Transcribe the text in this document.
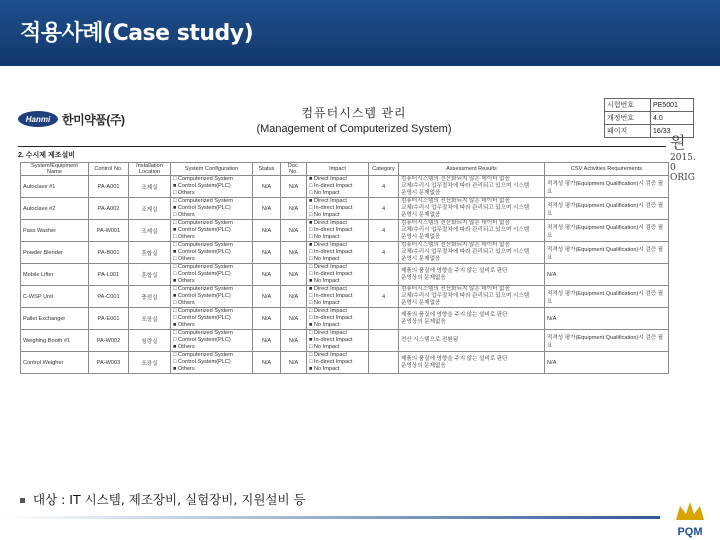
적용사례(Case study)
Hanmi 한미약품(주)	컴퓨터시스템 관리
(Management of Computerized System)
시험번호	PE5001
개정번호	4.0
페이지	16/33
원
2015. 0
ORIG
2. 수시제 제조설비
System/Equipment Name	Control No.	Installation Location	System Configuration	Status	Doc. No.	Impact	Category	Assessment Results	CSV Activities Requirements
Autoclave #1	PA-A001	조제실	□ Computerized System
■ Control System(PLC)
□ Others	N/A	N/A	■ Direct Impact
□ In-direct Impact
□ No Impact	4	컴퓨터시스템의 전산화되지 않은 데이터 없음
교체/수리시 업무절차에 따라 관리되고 있으며 시스템
운영시 문제없음	적격성 평가(Equipment Qualification)시 검증 필요
Autoclave #2	PA-A002	조제실	□ Computerized System
■ Control System(PLC)
□ Others	N/A	N/A	■ Direct Impact
□ In-direct Impact
□ No Impact	4	컴퓨터시스템의 전산화되지 않은 데이터 없음
교체/수리시 업무절차에 따라 관리되고 있으며 시스템
운영시 문제없음	적격성 평가(Equipment Qualification)시 검증 필요
Pass Washer	PA-W001	조제실	□ Computerized System
■ Control System(PLC)
□ Others	N/A	N/A	■ Direct Impact
□ In-direct Impact
□ No Impact	4	컴퓨터시스템의 전산화되지 않은 데이터 없음
교체/수리시 업무절차에 따라 관리되고 있으며 시스템
운영시 문제없음	적격성 평가(Equipment Qualification)시 검증 필요
Powder Blender	PA-B001	혼합실	□ Computerized System
■ Control System(PLC)
□ Others	N/A	N/A	■ Direct Impact
□ In-direct Impact
□ No Impact	4	컴퓨터시스템의 전산화되지 않은 데이터 없음
교체/수리시 업무절차에 따라 관리되고 있으며 시스템
운영시 문제없음	적격성 평가(Equipment Qualification)시 검증 필요
Mobile Lifter	PA-L001	혼합실	□ Computerized System
□ Control System(PLC)
■ Others	N/A	N/A	□ Direct Impact
□ In-direct Impact
■ No Impact		제품의 품질에 영향을 주지 않는 설비로 판단
운영상의 문제없음	N/A
C-WSP Unit	PA-C001	충전실	□ Computerized System
■ Control System(PLC)
□ Others	N/A	N/A	■ Direct Impact
□ In-direct Impact
□ No Impact	4	컴퓨터시스템의 전산화되지 않은 데이터 없음
교체/수리시 업무절차에 따라 관리되고 있으며 시스템
운영시 문제없음	적격성 평가(Equipment Qualification)시 검증 필요
Pallet Exchanger	PA-E001	포장실	□ Computerized System
□ Control System(PLC)
■ Others	N/A	N/A	□ Direct Impact
□ In-direct Impact
■ No Impact		제품의 품질에 영향을 주지 않는 설비로 판단
운영상의 문제없음	N/A
Weighing Booth #1	PA-W002	칭량실	□ Computerized System
□ Control System(PLC)
■ Others	N/A	N/A	□ Direct Impact
■ In-direct Impact
□ No Impact		전산 시스템으로 전환됨	적격성 평가(Equipment Qualification)시 검증 필요
Control Weigher	PA-W003	포장실	□ Computerized System
□ Control System(PLC)
■ Others	N/A	N/A	□ Direct Impact
□ In-direct Impact
■ No Impact		제품의 품질에 영향을 주지 않는 설비로 판단
운영상의 문제없음	N/A
대상 : IT 시스템, 제조장비, 실험장비, 지원설비 등
PQM
